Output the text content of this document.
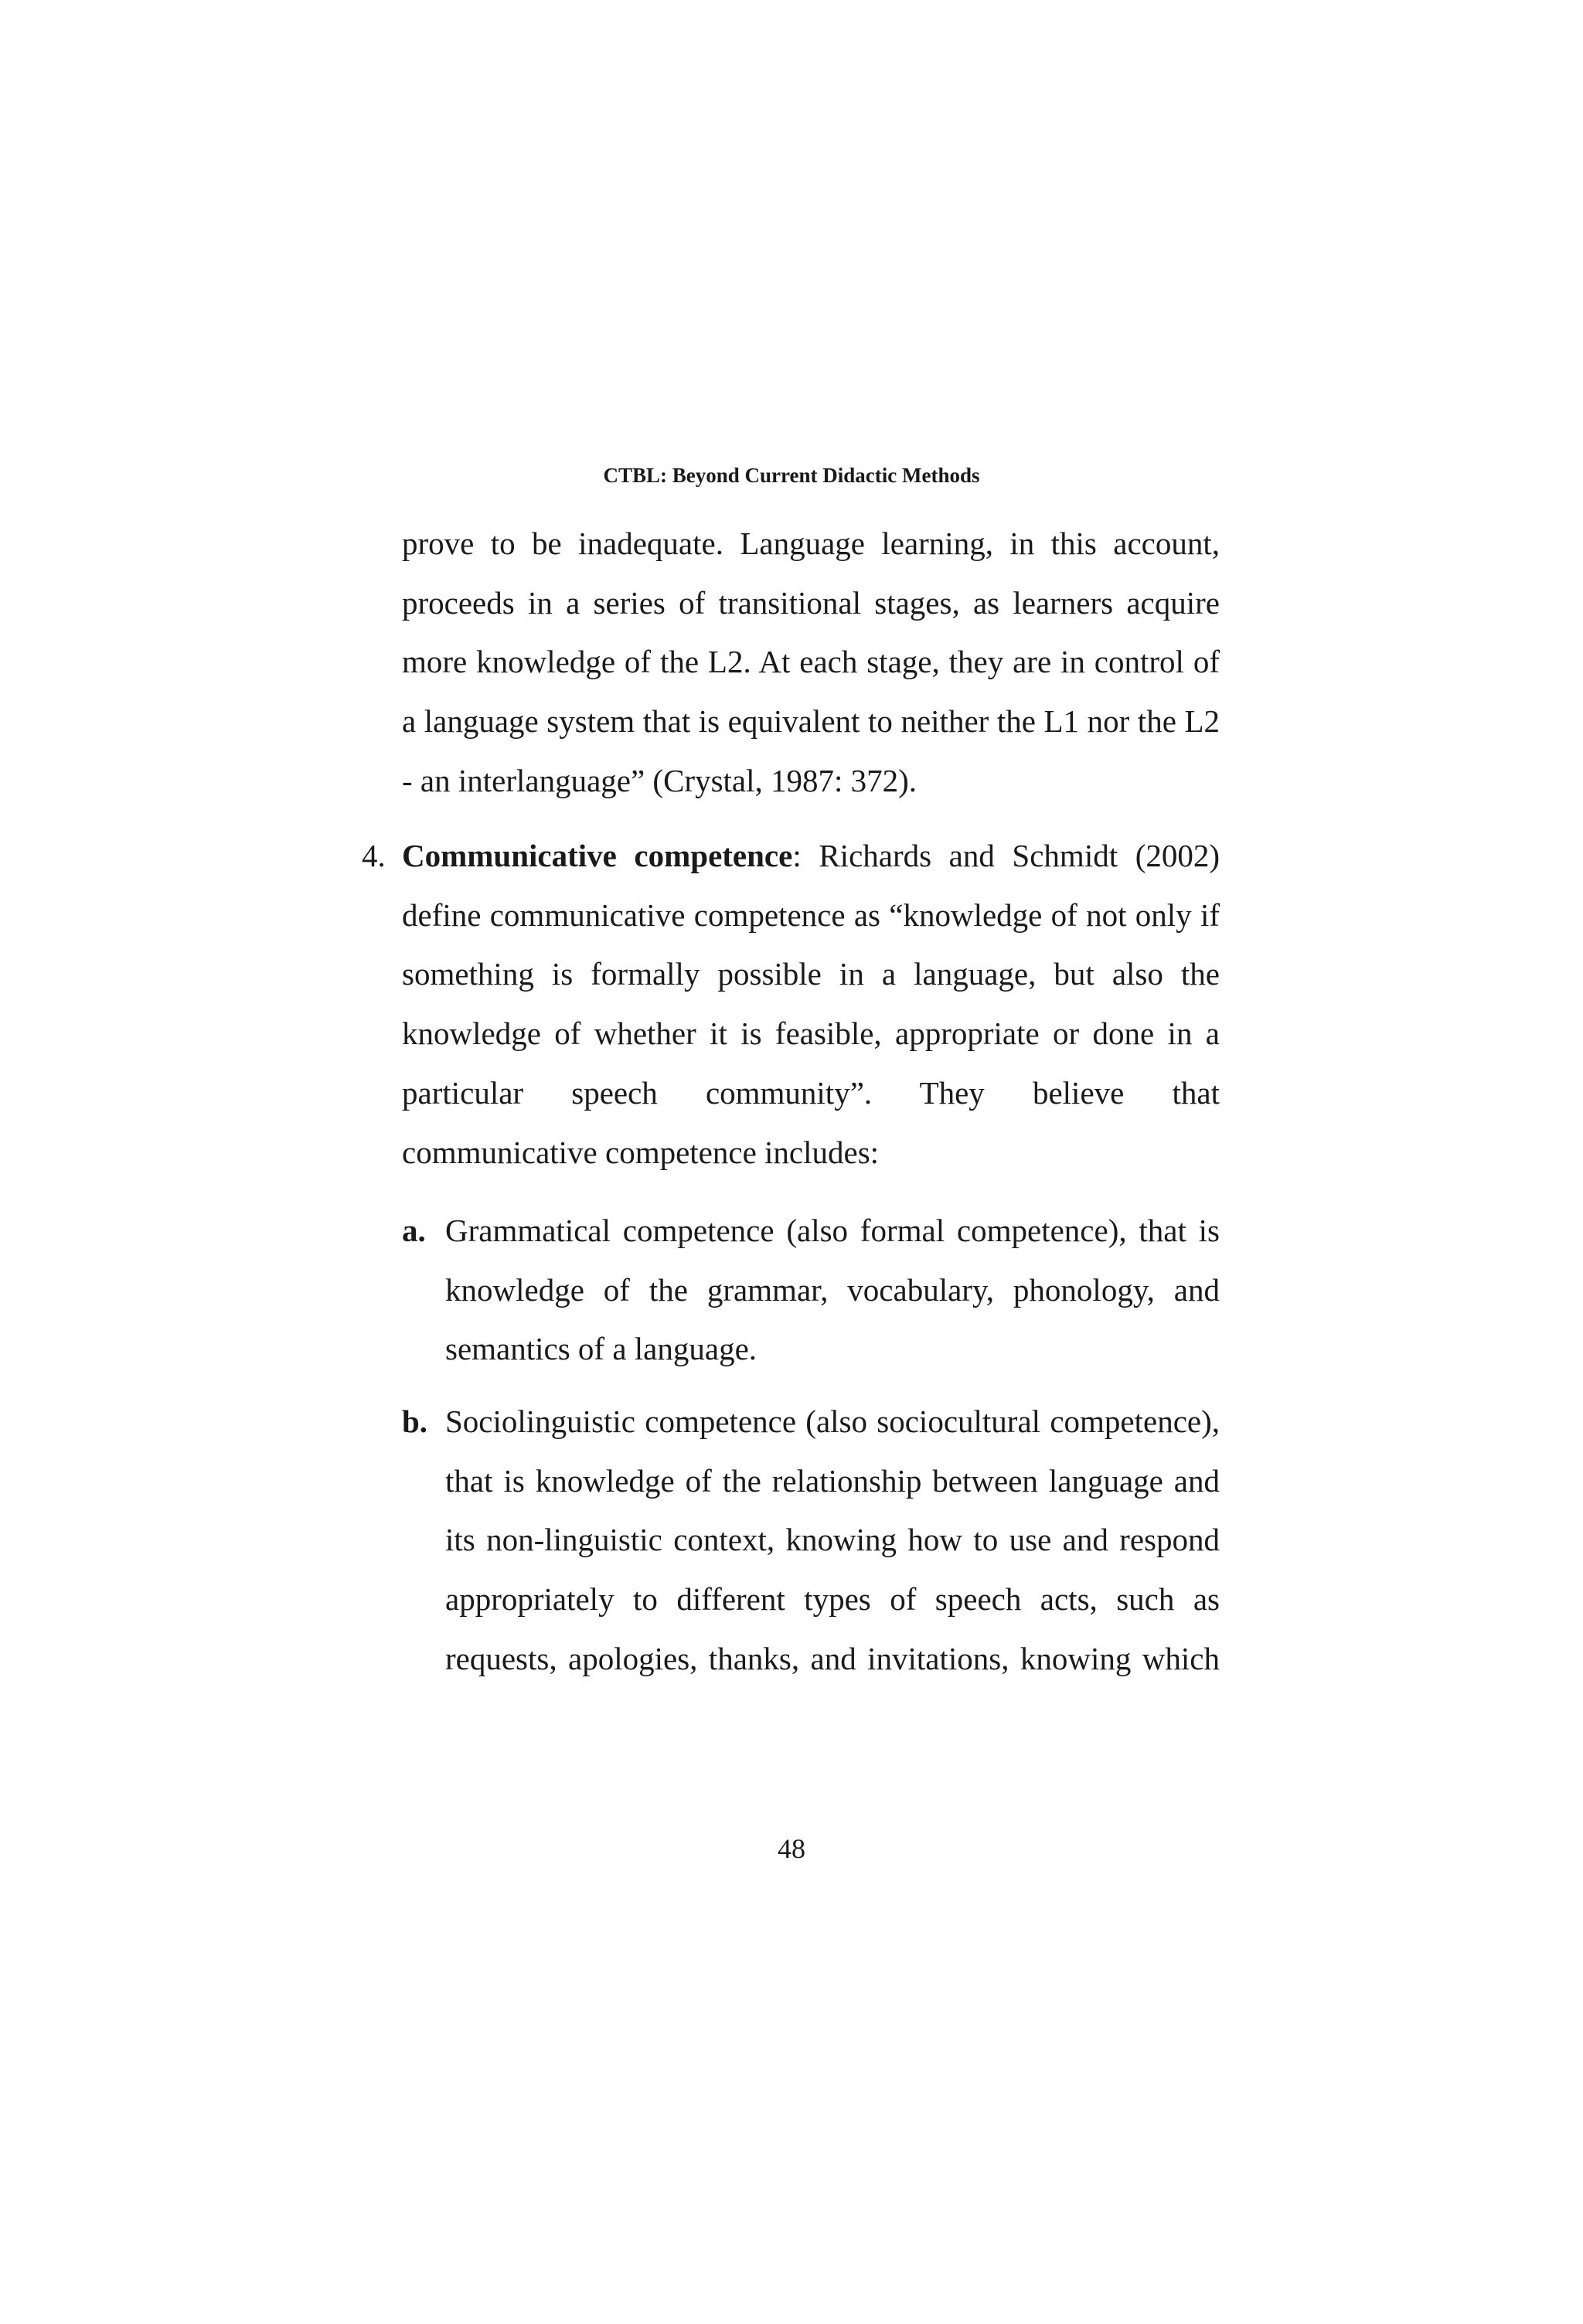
CTBL: Beyond Current Didactic Methods
prove to be inadequate. Language learning, in this account, proceeds in a series of transitional stages, as learners acquire more knowledge of the L2. At each stage, they are in control of a language system that is equivalent to neither the L1 nor the L2 - an interlanguage” (Crystal, 1987: 372).
4. Communicative competence: Richards and Schmidt (2002) define communicative competence as “knowledge of not only if something is formally possible in a language, but also the knowledge of whether it is feasible, appropriate or done in a particular speech community”. They believe that communicative competence includes:
a. Grammatical competence (also formal competence), that is knowledge of the grammar, vocabulary, phonology, and semantics of a language.
b. Sociolinguistic competence (also sociocultural competence), that is knowledge of the relationship between language and its non-linguistic context, knowing how to use and respond appropriately to different types of speech acts, such as requests, apologies, thanks, and invitations, knowing which
48
